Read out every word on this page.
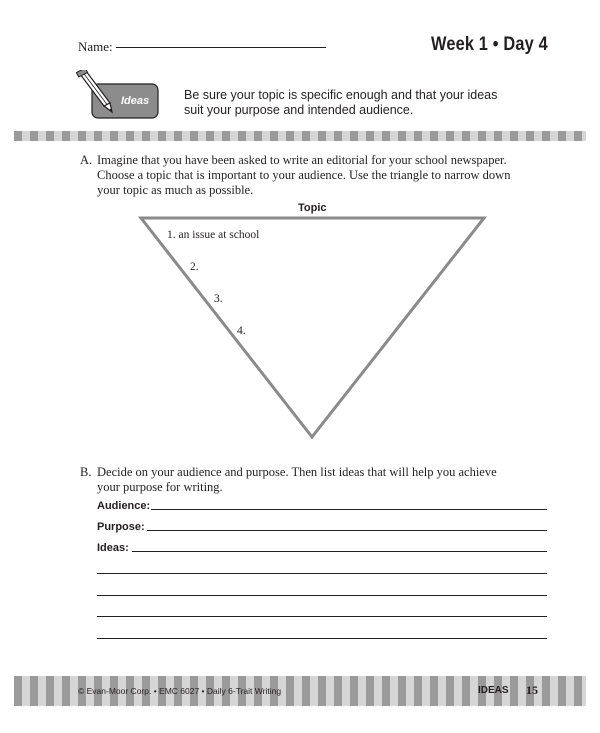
Name:	Week 1 • Day 4
Ideas	Be sure your topic is specific enough and that your ideas suit your purpose and intended audience.
A. Imagine that you have been asked to write an editorial for your school newspaper. Choose a topic that is important to your audience. Use the triangle to narrow down your topic as much as possible.
Topic
1. an issue at school
2.
3.
4.
B. Decide on your audience and purpose. Then list ideas that will help you achieve your purpose for writing.
Audience:
Purpose:
Ideas:
© Evan-Moor Corp. • EMC 6027 • Daily 6-Trait Writing	IDEAS 15
